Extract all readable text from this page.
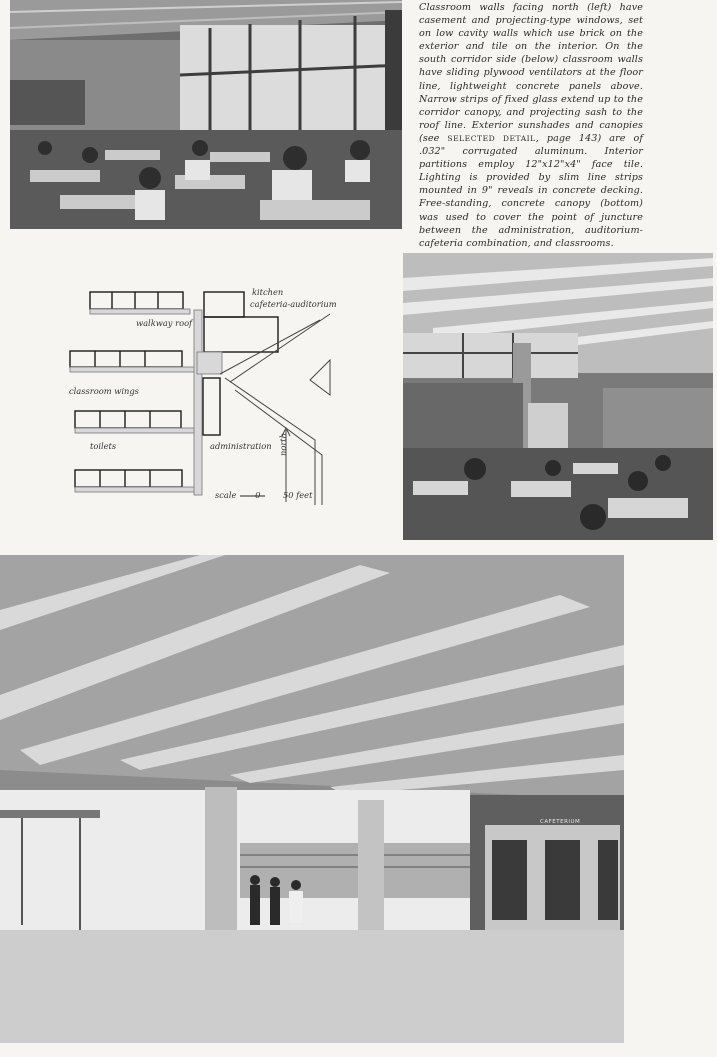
Classroom walls facing north (left) have casement and projecting-type windows, set on low cavity walls which use brick on the exterior and tile on the interior. On the south corridor side (below) classroom walls have sliding plywood ventilators at the floor line, lightweight concrete panels above. Narrow strips of fixed glass extend up to the corridor canopy, and projecting sash to the roof line. Exterior sunshades and canopies (see SELECTED DETAIL, page 143) are of .032" corrugated aluminum. Interior partitions employ 12"x12"x4" face tile. Lighting is provided by slim line strips mounted in 9" reveals in concrete decking. Free-standing, concrete canopy (bottom) was used to cover the point of juncture between the administration, auditorium-cafeteria combination, and classrooms.
kitchen
cafeteria-auditorium
walkway roof
classroom wings
toilets	administration north
scale 0	50 feet
CAFETERIUM
